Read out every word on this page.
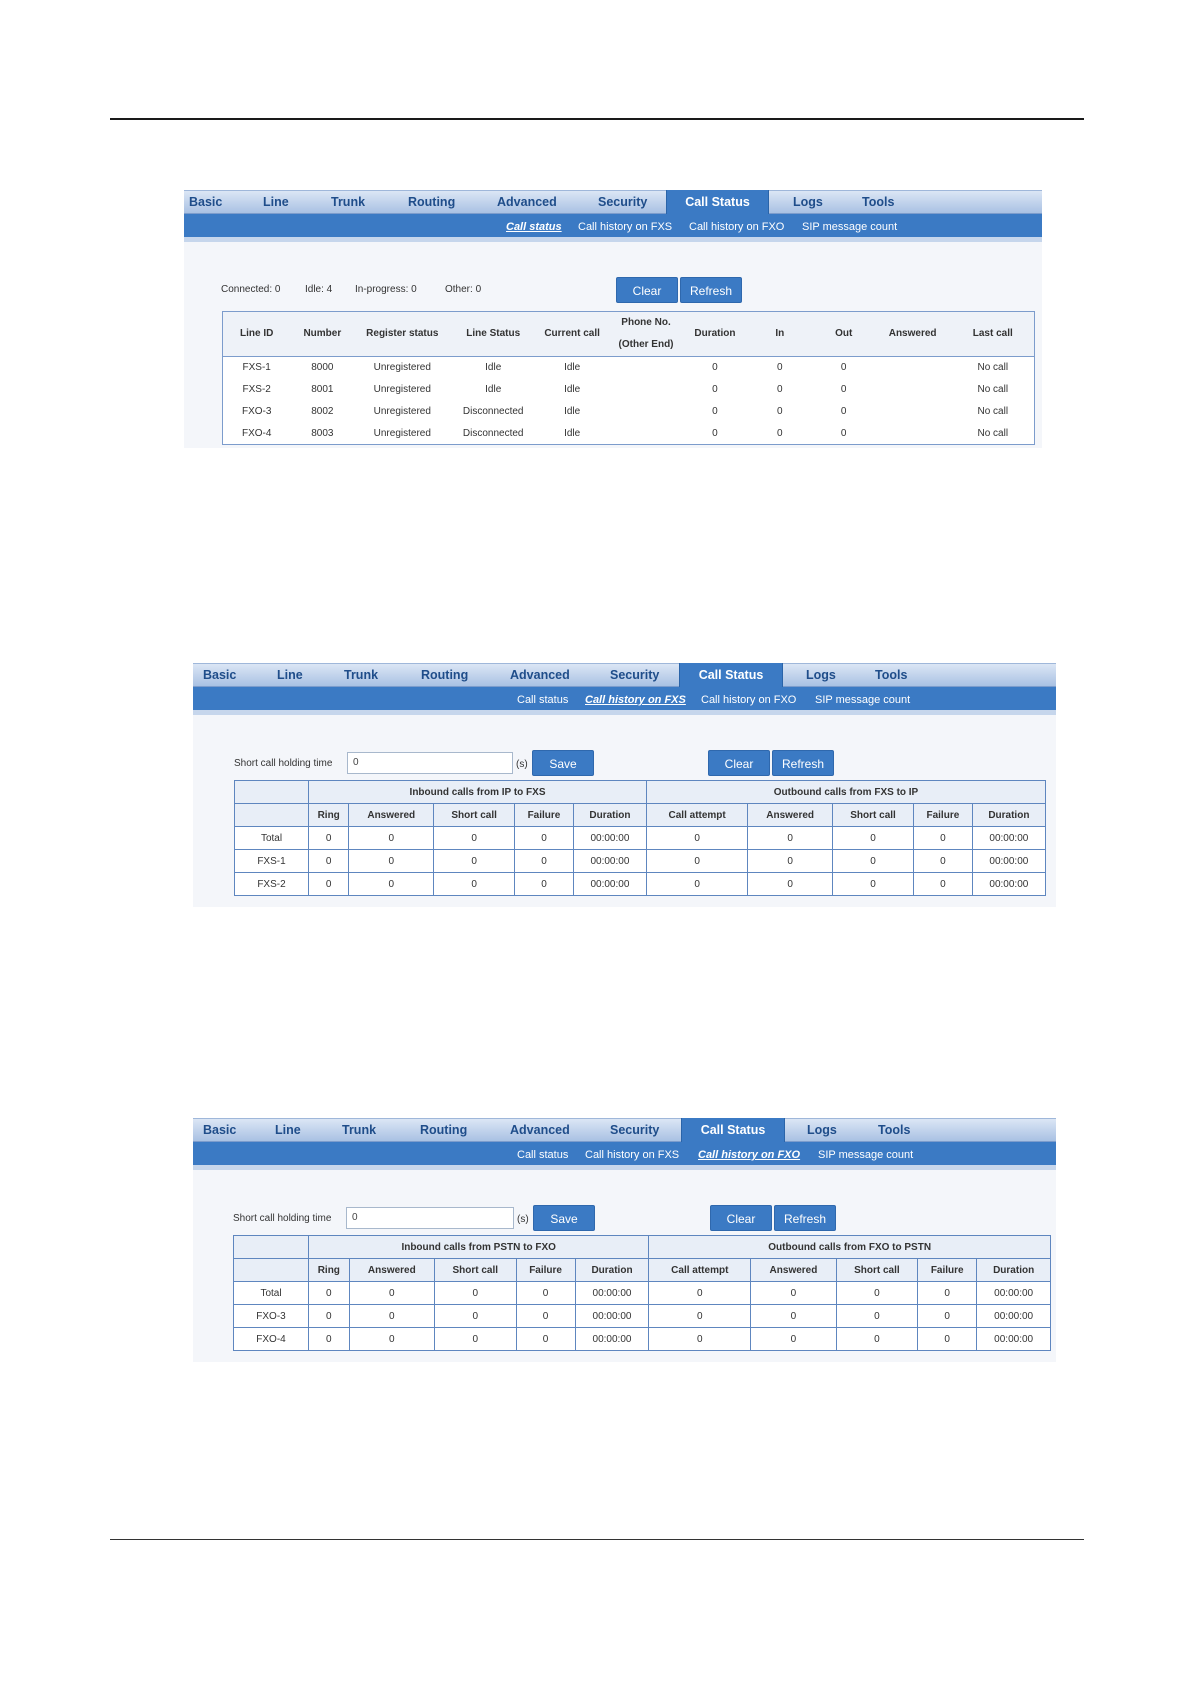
Basic	Line	Trunk	Routing	Advanced	Security	Call Status	Logs	Tools
Call status Call history on FXS Call history on FXO SIP message count
Connected: 0 Idle: 4 In-progress: 0	Other: 0	Clear	Refresh
Line ID	Number	Register status	Line Status	Current call	Phone No. (Other End)	Duration	In	Out	Answered	Last call
FXS-1	8000	Unregistered	Idle	Idle		0	0	0		No call
FXS-2	8001	Unregistered	Idle	Idle		0	0	0		No call
FXO-3	8002	Unregistered	Disconnected	Idle		0	0	0		No call
FXO-4	8003	Unregistered	Disconnected	Idle		0	0	0		No call
Basic	Line	Trunk	Routing	Advanced	Security	Call Status	Logs	Tools
Call status Call history on FXS Call history on FXO SIP message count
Short call holding time	0	(s)	Save	Clear	Refresh
	Inbound calls from IP to FXS					Outbound calls from FXS to IP				
	Ring	Answered	Short call	Failure	Duration	Call attempt	Answered	Short call	Failure	Duration
Total	0	0	0	0	00:00:00	0	0	0	0	00:00:00
FXS-1	0	0	0	0	00:00:00	0	0	0	0	00:00:00
FXS-2	0	0	0	0	00:00:00	0	0	0	0	00:00:00
Basic	Line	Trunk	Routing	Advanced	Security	Call Status	Logs	Tools
Call status Call history on FXS Call history on FXO SIP message count
Short call holding time	0	(s)	Save	Clear	Refresh
	Inbound calls from PSTN to FXO					Outbound calls from FXO to PSTN				
	Ring	Answered	Short call	Failure	Duration	Call attempt	Answered	Short call	Failure	Duration
Total	0	0	0	0	00:00:00	0	0	0	0	00:00:00
FXO-3	0	0	0	0	00:00:00	0	0	0	0	00:00:00
FXO-4	0	0	0	0	00:00:00	0	0	0	0	00:00:00
